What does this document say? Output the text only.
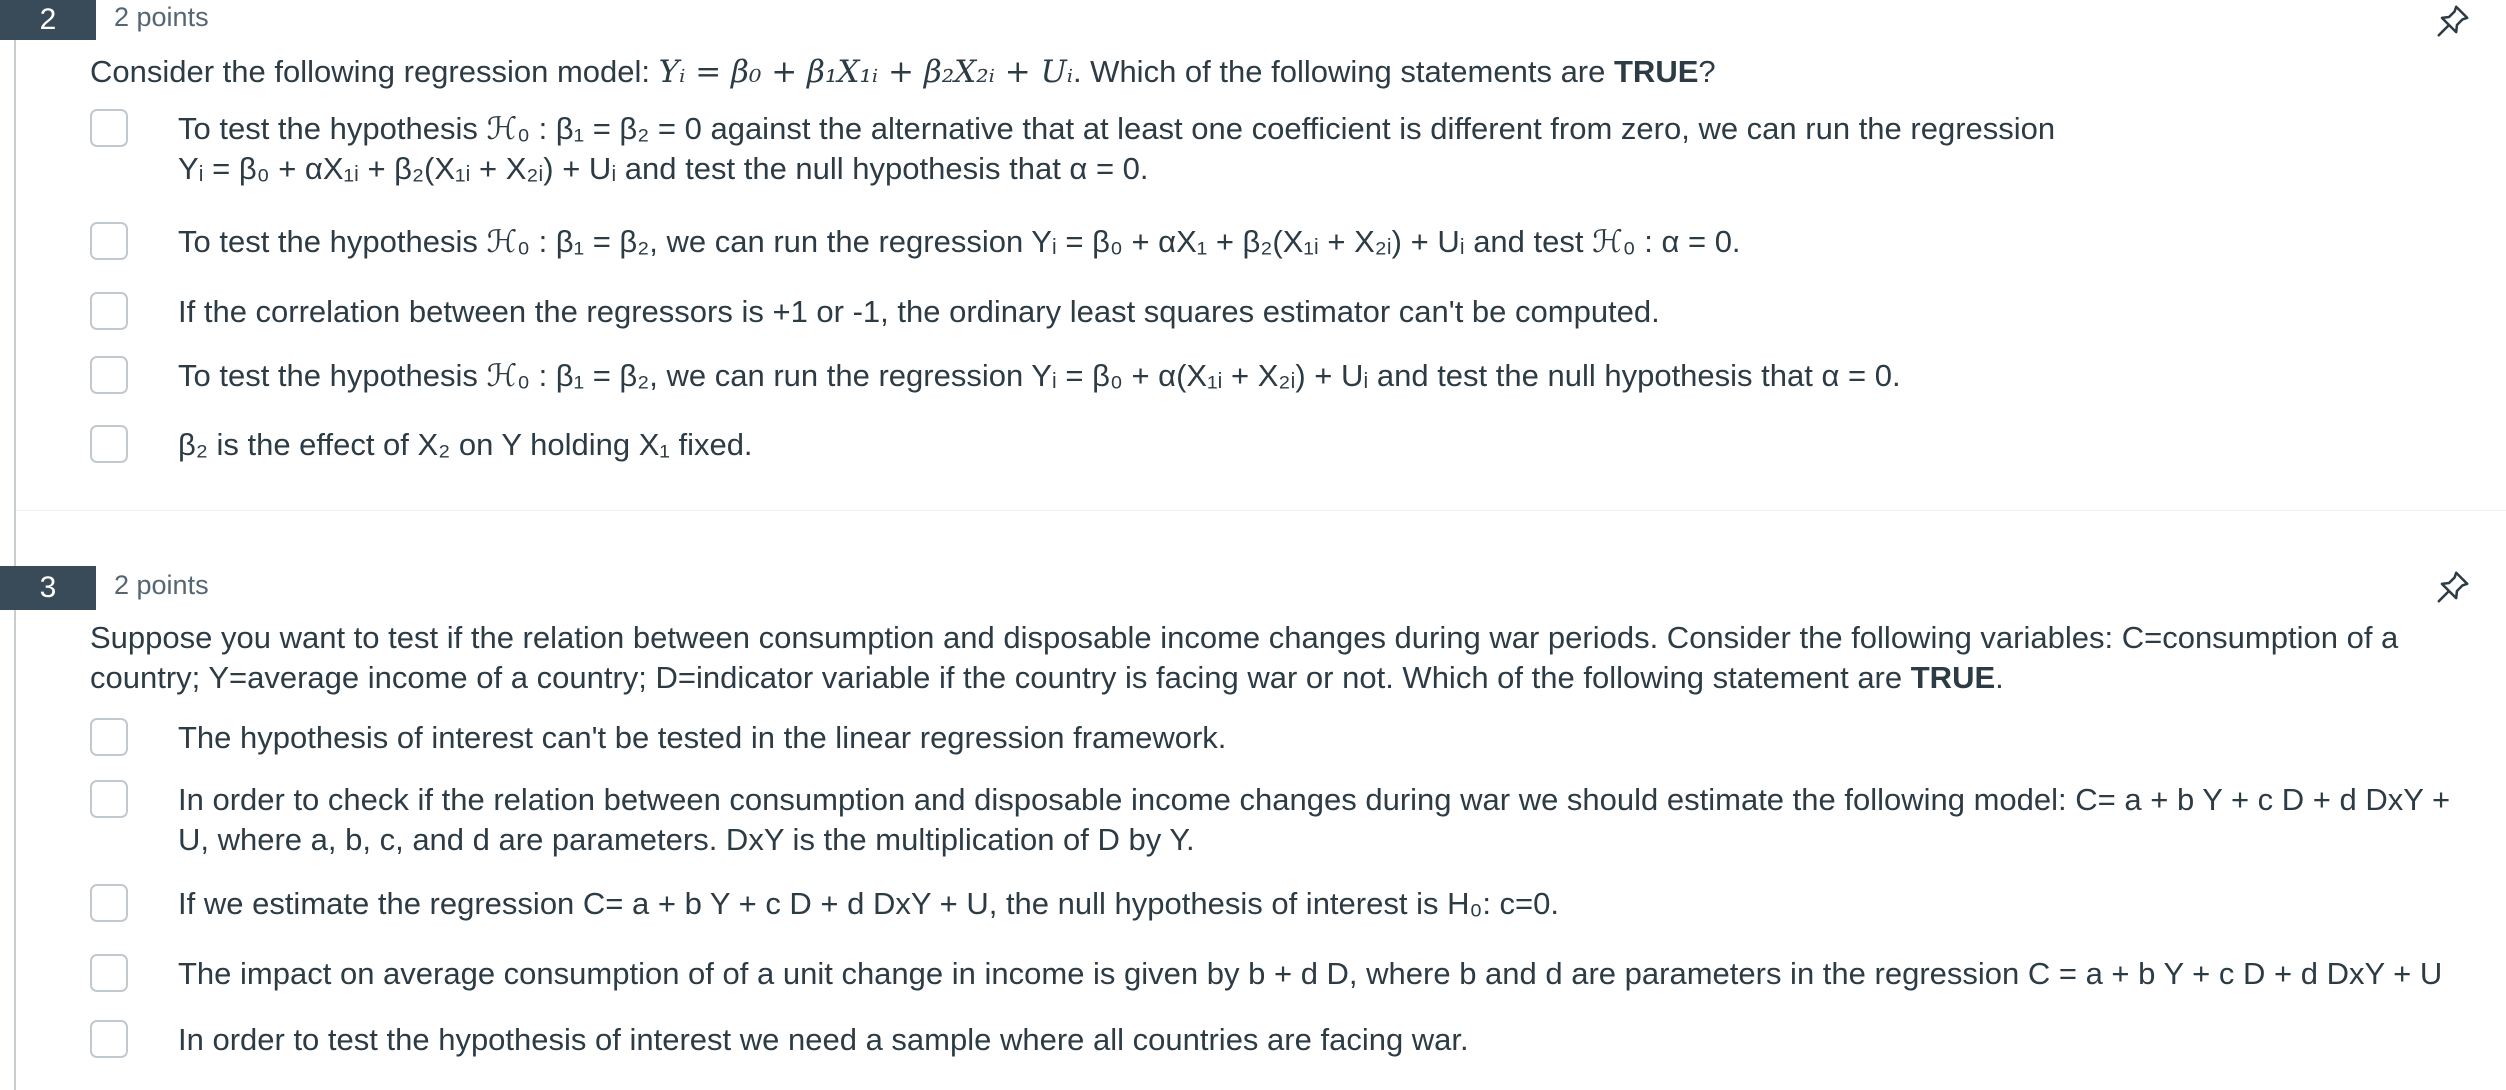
2	2 points
Consider the following regression model: Yᵢ = β₀ + β₁X₁ᵢ + β₂X₂ᵢ + Uᵢ. Which of the following statements are TRUE?
To test the hypothesis ℋ₀ : β₁ = β₂ = 0 against the alternative that at least one coefficient is different from zero, we can run the regression
Yᵢ = β₀ + αX₁ᵢ + β₂(X₁ᵢ + X₂ᵢ) + Uᵢ and test the null hypothesis that α = 0.
To test the hypothesis ℋ₀ : β₁ = β₂, we can run the regression Yᵢ = β₀ + αX₁ + β₂(X₁ᵢ + X₂ᵢ) + Uᵢ and test ℋ₀ : α = 0.
If the correlation between the regressors is +1 or -1, the ordinary least squares estimator can't be computed.
To test the hypothesis ℋ₀ : β₁ = β₂, we can run the regression Yᵢ = β₀ + α(X₁ᵢ + X₂ᵢ) + Uᵢ and test the null hypothesis that α = 0.
β₂ is the effect of X₂ on Y holding X₁ fixed.
3	2 points
Suppose you want to test if the relation between consumption and disposable income changes during war periods. Consider the following variables: C=consumption of a
country; Y=average income of a country; D=indicator variable if the country is facing war or not. Which of the following statement are TRUE.
The hypothesis of interest can't be tested in the linear regression framework.
In order to check if the relation between consumption and disposable income changes during war we should estimate the following model: C= a + b Y + c D + d DxY +
U, where a, b, c, and d are parameters. DxY is the multiplication of D by Y.
If we estimate the regression C= a + b Y + c D + d DxY + U, the null hypothesis of interest is H₀: c=0.
The impact on average consumption of of a unit change in income is given by b + d D, where b and d are parameters in the regression C = a + b Y + c D + d DxY + U
In order to test the hypothesis of interest we need a sample where all countries are facing war.
